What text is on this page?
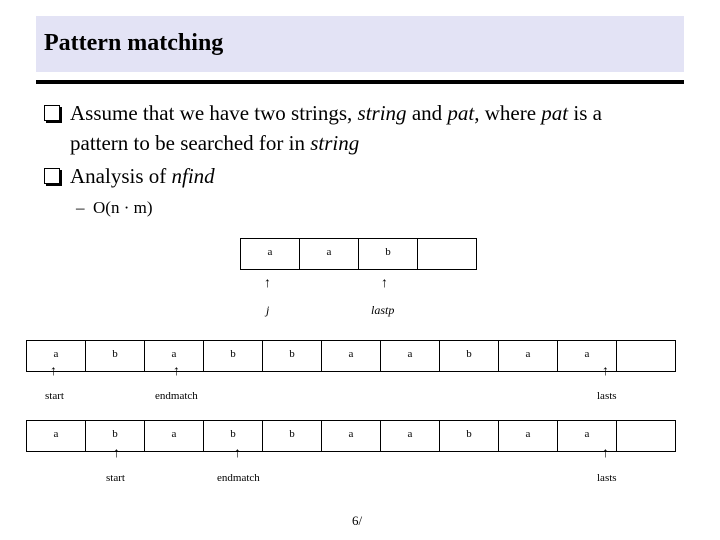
Pattern matching
Assume that we have two strings, string and pat, where pat is a
pattern to be searched for in string
Analysis of nfind
– O(n · m)
a	a	b
↑	↑
j	lastp
a	b	a	b	b	a	a	b	a	a
↑	↑	↑
start	endmatch	lasts
a	b	a	b	b	a	a	b	a	a
↑	↑	↑
start	endmatch	lasts
6/
